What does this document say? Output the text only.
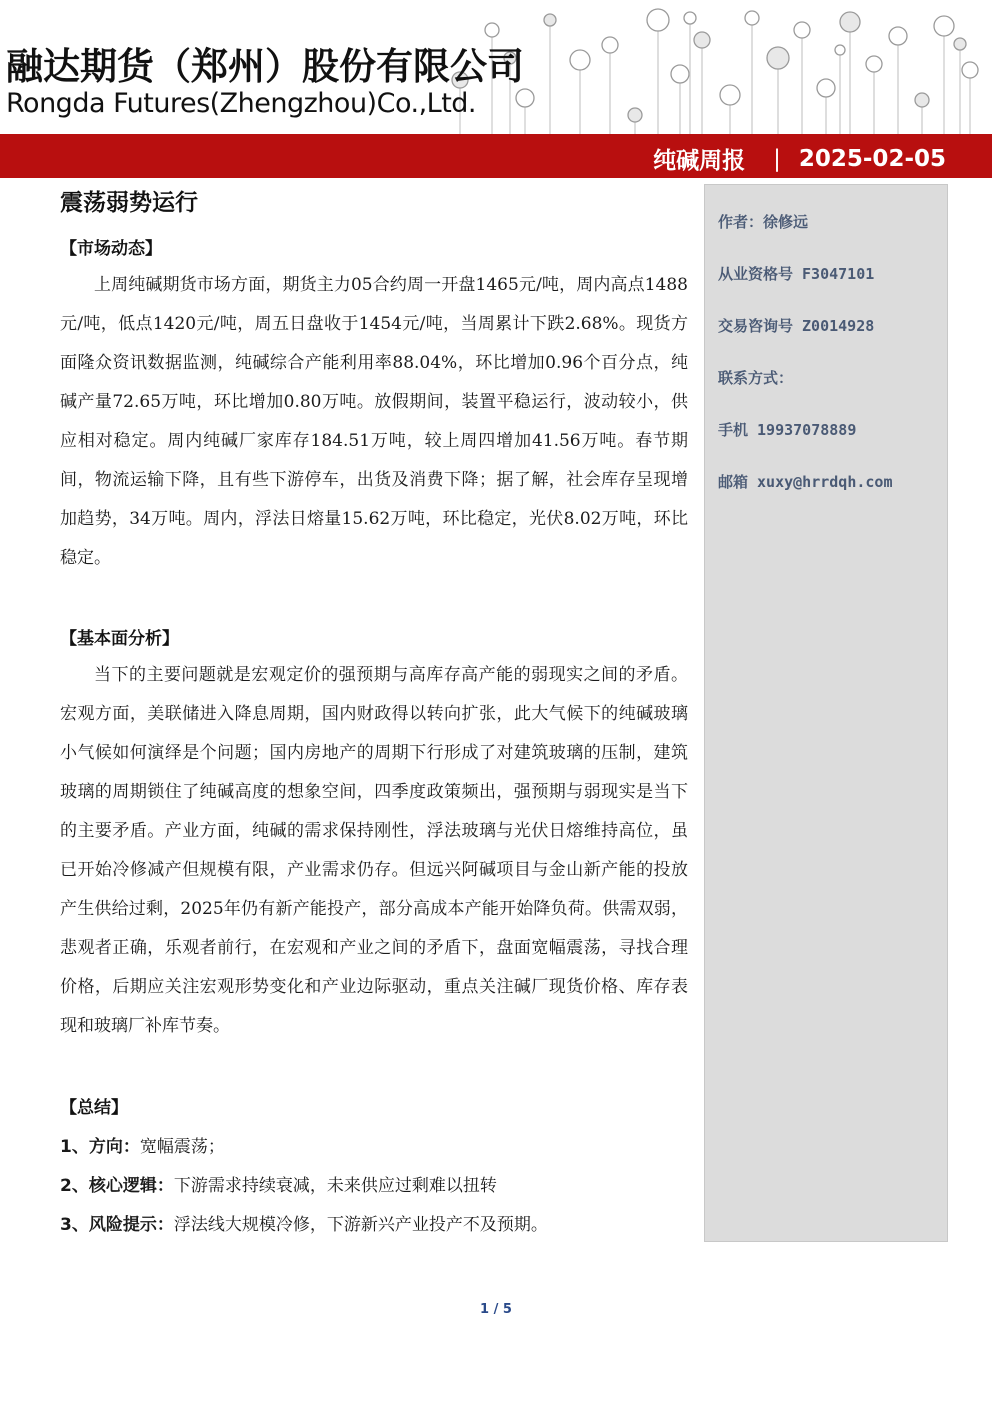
融达期货（郑州）股份有限公司
Rongda Futures(Zhengzhou)Co.,Ltd.
纯碱周报 | 2025-02-05
作者：徐修远
从业资格号 F3047101
交易咨询号 Z0014928
联系方式：
手机 19937078889
邮箱 xuxy@hrrdqh.com
震荡弱势运行
【市场动态】

上周纯碱期货市场方面，期货主力05合约周一开盘1465元/吨，周内高点1488元/吨，低点1420元/吨，周五日盘收于1454元/吨，当周累计下跌2.68%。现货方面隆众资讯数据监测，纯碱综合产能利用率88.04%，环比增加0.96个百分点，纯碱产量72.65万吨，环比增加0.80万吨。放假期间，装置平稳运行，波动较小，供应相对稳定。周内纯碱厂家库存184.51万吨，较上周四增加41.56万吨。春节期间，物流运输下降，且有些下游停车，出货及消费下降；据了解，社会库存呈现增加趋势，34万吨。周内，浮法日熔量15.62万吨，环比稳定，光伏8.02万吨，环比稳定。

【基本面分析】

当下的主要问题就是宏观定价的强预期与高库存高产能的弱现实之间的矛盾。宏观方面，美联储进入降息周期，国内财政得以转向扩张，此大气候下的纯碱玻璃小气候如何演绎是个问题；国内房地产的周期下行形成了对建筑玻璃的压制，建筑玻璃的周期锁住了纯碱高度的想象空间，四季度政策频出，强预期与弱现实是当下的主要矛盾。产业方面，纯碱的需求保持刚性，浮法玻璃与光伏日熔维持高位，虽已开始冷修减产但规模有限，产业需求仍存。但远兴阿碱项目与金山新产能的投放产生供给过剩，2025年仍有新产能投产，部分高成本产能开始降负荷。供需双弱，悲观者正确，乐观者前行，在宏观和产业之间的矛盾下，盘面宽幅震荡，寻找合理价格，后期应关注宏观形势变化和产业边际驱动，重点关注碱厂现货价格、库存表现和玻璃厂补库节奏。

【总结】
1、方向：宽幅震荡；
2、核心逻辑：下游需求持续衰减，未来供应过剩难以扭转
3、风险提示：浮法线大规模冷修，下游新兴产业投产不及预期。
1 / 5
